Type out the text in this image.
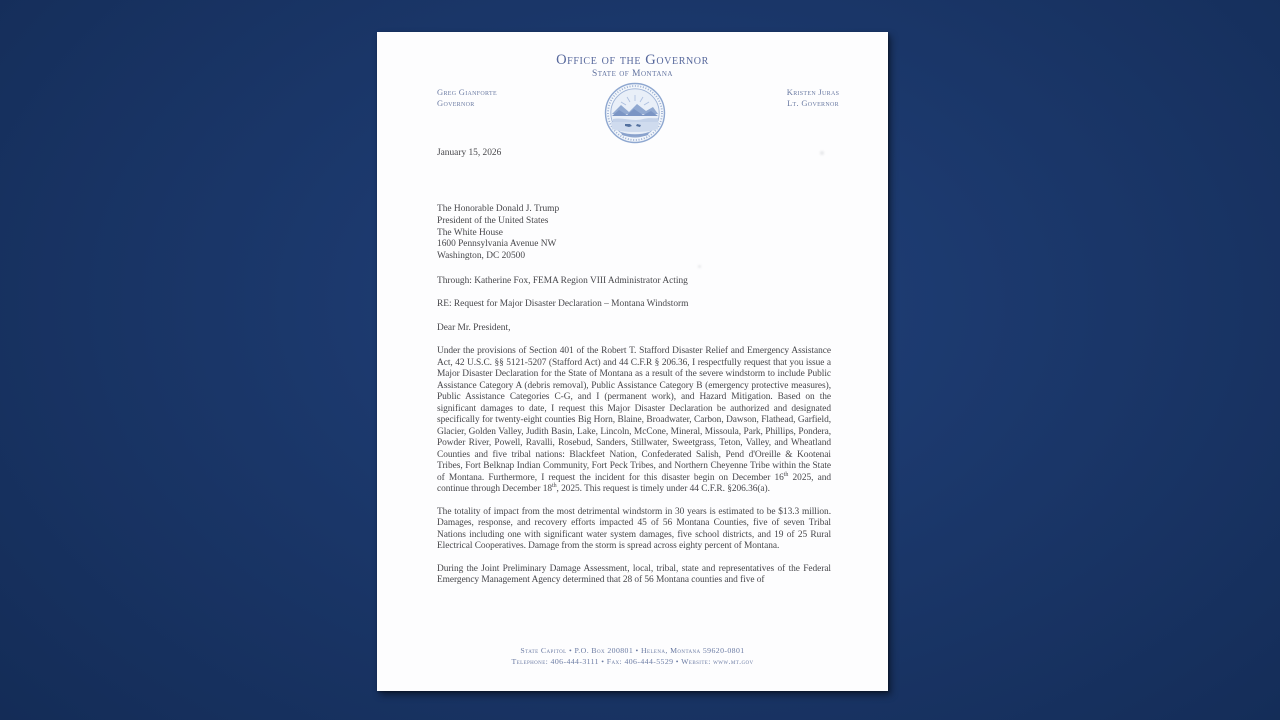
Office of the Governor
State of Montana
Greg Gianforte
Governor
Kristen Juras
Lt. Governor
January 15, 2026
The Honorable Donald J. Trump
President of the United States
The White House
1600 Pennsylvania Avenue NW
Washington, DC 20500
Through: Katherine Fox, FEMA Region VIII Administrator Acting
RE: Request for Major Disaster Declaration – Montana Windstorm
Dear Mr. President,
Under the provisions of Section 401 of the Robert T. Stafford Disaster Relief and Emergency Assistance Act, 42 U.S.C. §§ 5121-5207 (Stafford Act) and 44 C.F.R § 206.36, I respectfully request that you issue a Major Disaster Declaration for the State of Montana as a result of the severe windstorm to include Public Assistance Category A (debris removal), Public Assistance Category B (emergency protective measures), Public Assistance Categories C-G, and I (permanent work), and Hazard Mitigation. Based on the significant damages to date, I request this Major Disaster Declaration be authorized and designated specifically for twenty-eight counties Big Horn, Blaine, Broadwater, Carbon, Dawson, Flathead, Garfield, Glacier, Golden Valley, Judith Basin, Lake, Lincoln, McCone, Mineral, Missoula, Park, Phillips, Pondera, Powder River, Powell, Ravalli, Rosebud, Sanders, Stillwater, Sweetgrass, Teton, Valley, and Wheatland Counties and five tribal nations: Blackfeet Nation, Confederated Salish, Pend d'Oreille & Kootenai Tribes, Fort Belknap Indian Community, Fort Peck Tribes, and Northern Cheyenne Tribe within the State of Montana. Furthermore, I request the incident for this disaster begin on December 16th 2025, and continue through December 18th, 2025. This request is timely under 44 C.F.R. §206.36(a).
The totality of impact from the most detrimental windstorm in 30 years is estimated to be $13.3 million. Damages, response, and recovery efforts impacted 45 of 56 Montana Counties, five of seven Tribal Nations including one with significant water system damages, five school districts, and 19 of 25 Rural Electrical Cooperatives. Damage from the storm is spread across eighty percent of Montana.
During the Joint Preliminary Damage Assessment, local, tribal, state and representatives of the Federal Emergency Management Agency determined that 28 of 56 Montana counties and five of
State Capitol • P.O. Box 200801 • Helena, Montana 59620-0801
Telephone: 406-444-3111 • Fax: 406-444-5529 • Website: www.mt.gov
